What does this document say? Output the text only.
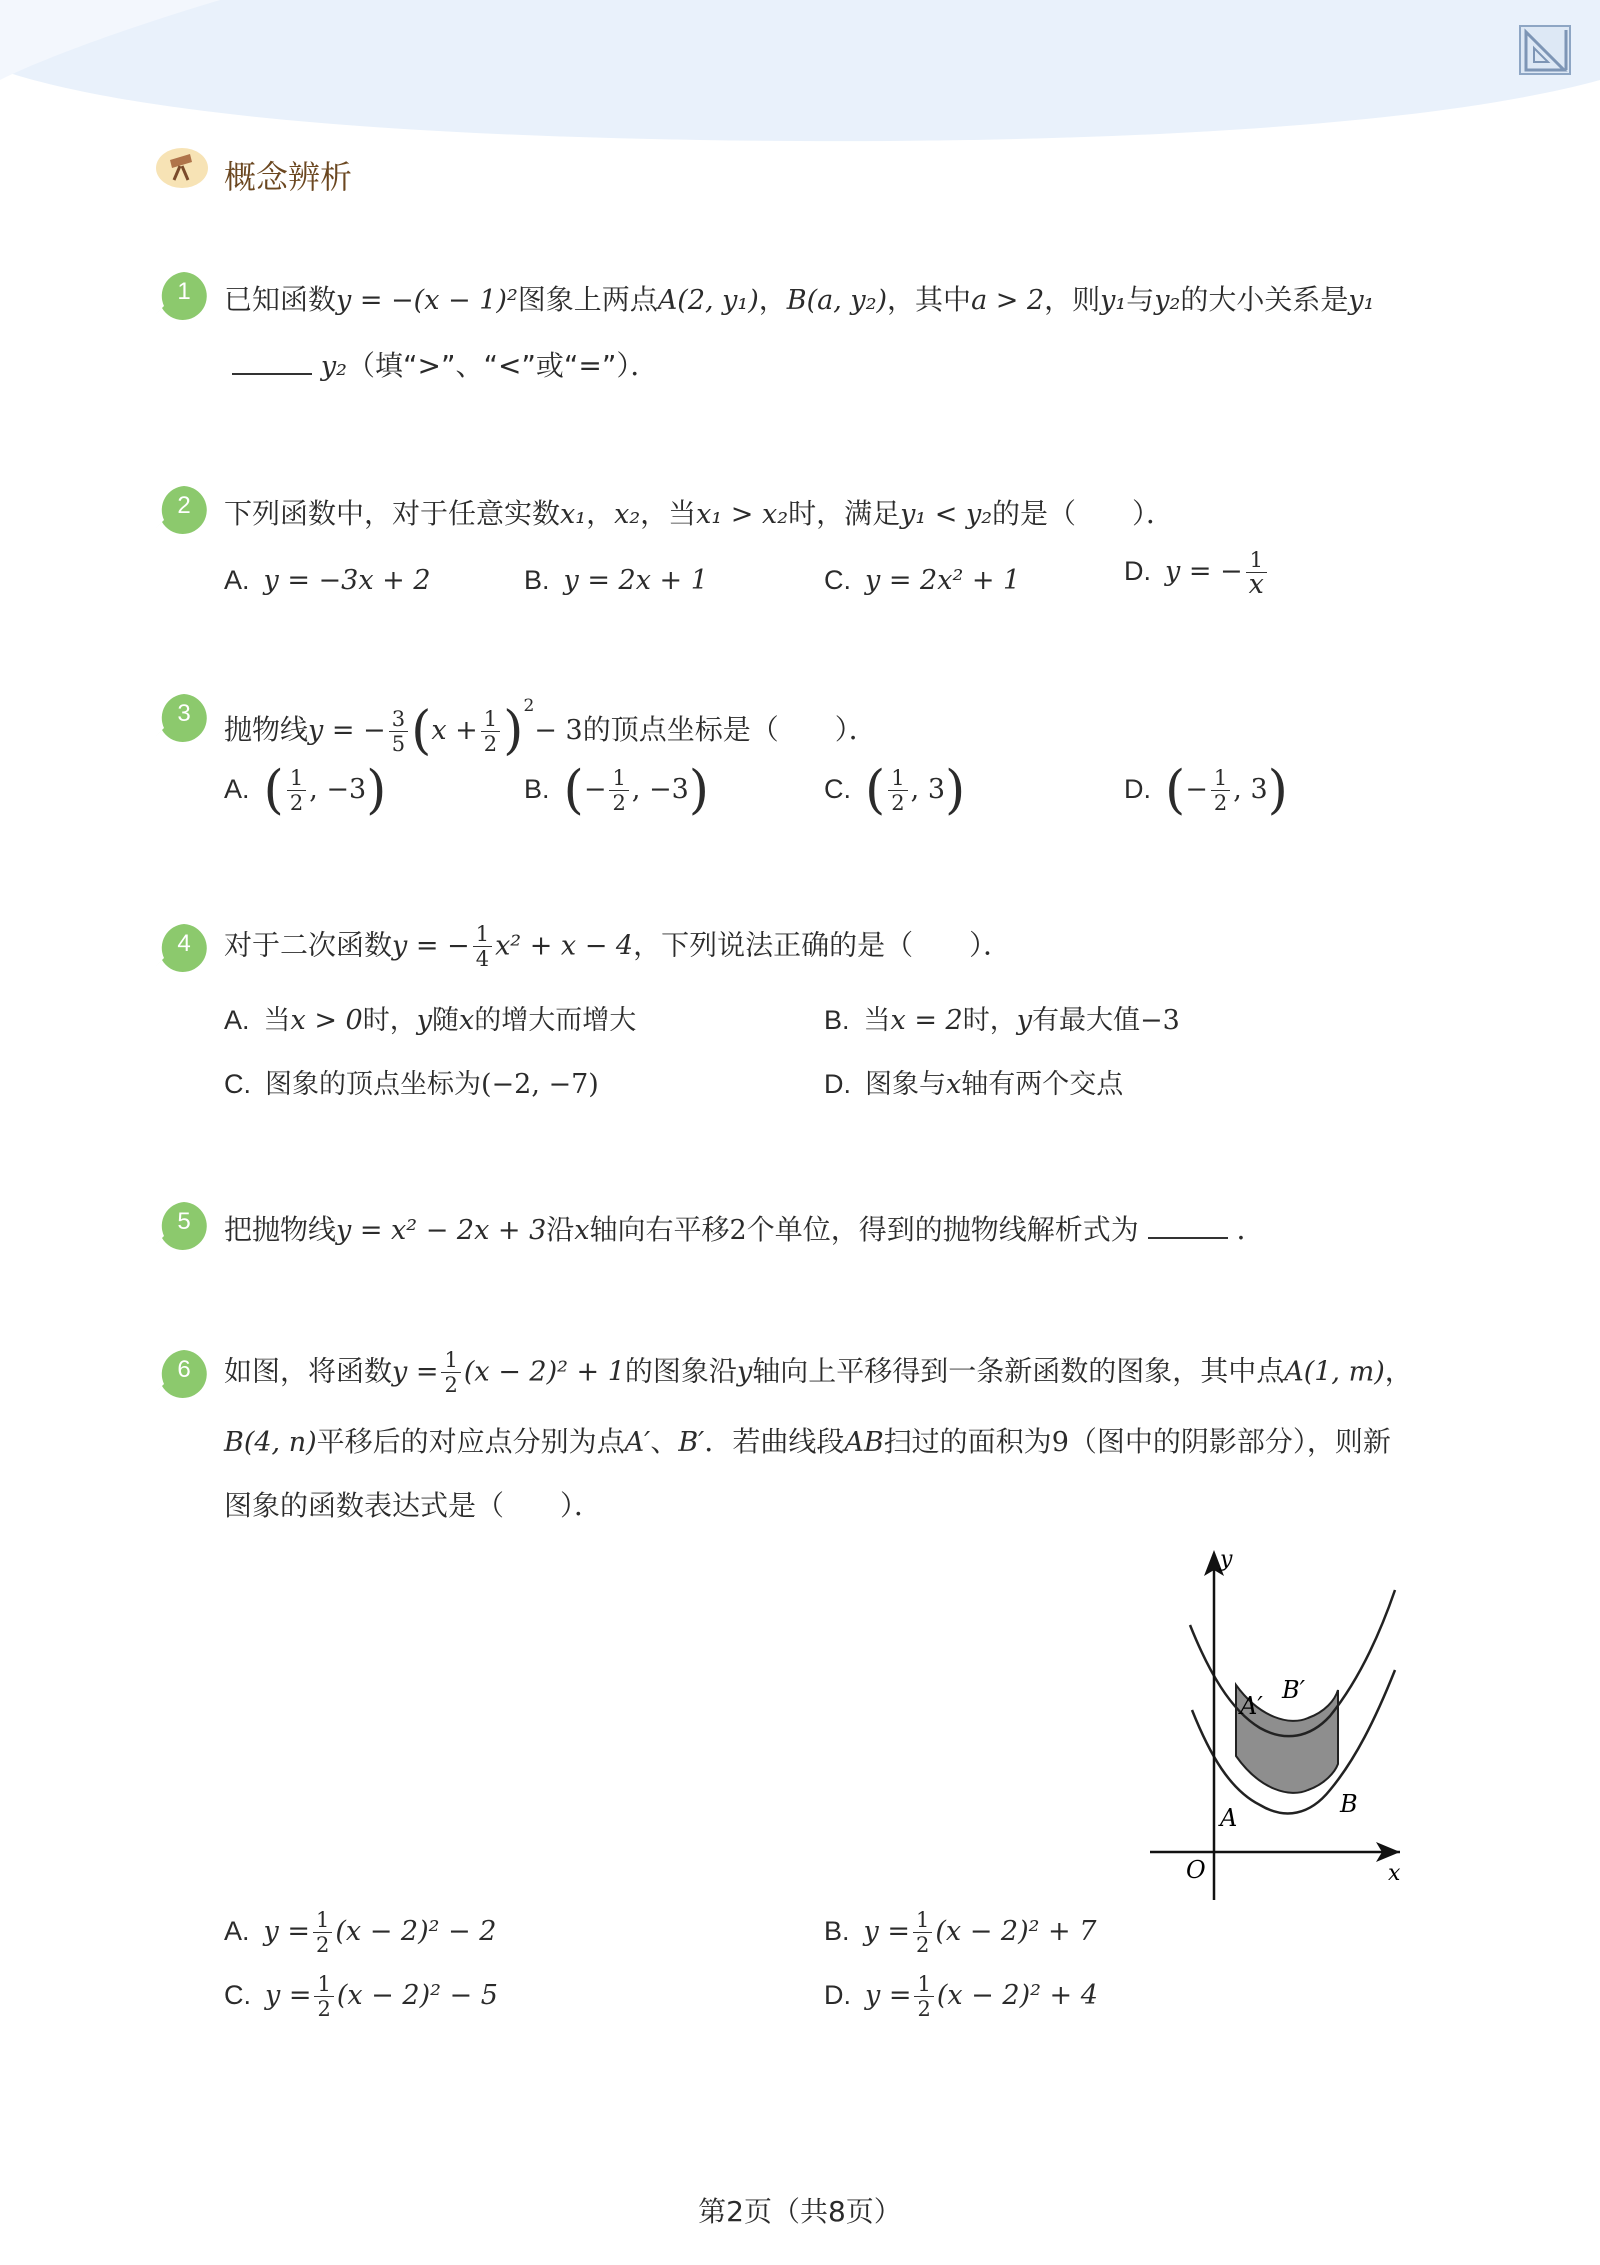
概念辨析
1	已知函数y = −(x − 1)²图象上两点A(2, y₁)，B(a, y₂)，其中a > 2，则y₁与y₂的大小关系是y₁
y₂（填“>”、“<”或“=”）．
2	下列函数中，对于任意实数x₁，x₂，当x₁ > x₂时，满足y₁ < y₂的是（　　）．
A. y = −3x + 2	B. y = 2x + 1	C. y = 2x² + 1	D. y = − $\frac{1}{x}$
3	抛物线y = − $\frac{3}{5} (x + \frac{1}{2} )^2- 3$的顶点坐标是（　　）．
A. ( $\frac{1}{2}$ , −3)	B. (− $\frac{1}{2}$ , −3)	C. ( $\frac{1}{2}$ , 3)	D. (− $\frac{1}{2}$ , 3)
4	对于二次函数y = − $\frac{1}{4} x^2 + x - 4$，下列说法正确的是（　　）．
A. 当x > 0时，y随x的增大而增大	B. 当x = 2时，y有最大值−3
C. 图象的顶点坐标为(−2, −7)	D. 图象与x轴有两个交点
5	把抛物线y = x² − 2x + 3沿x轴向右平移2个单位，得到的抛物线解析式为	．
6	如图，将函数$y = \frac{1}{2} (x - 2)^2 + 1$的图象沿y轴向上平移得到一条新函数的图象，其中点A(1, m)，
B(4, n)平移后的对应点分别为点A′、B′．若曲线段AB扫过的面积为9（图中的阴影部分），则新
图象的函数表达式是（　　）．
A. $y = \frac{1}{2} (x - 2)^2 - 2$	B. $y = \frac{1}{2} (x - 2)^2 + 7$
C. $y = \frac{1}{2} (x - 2)^2 - 5$	D. $y = \frac{1}{2} (x - 2)^2 + 4$
y
x
O
A	B
A′
B′
第2页（共8页）
